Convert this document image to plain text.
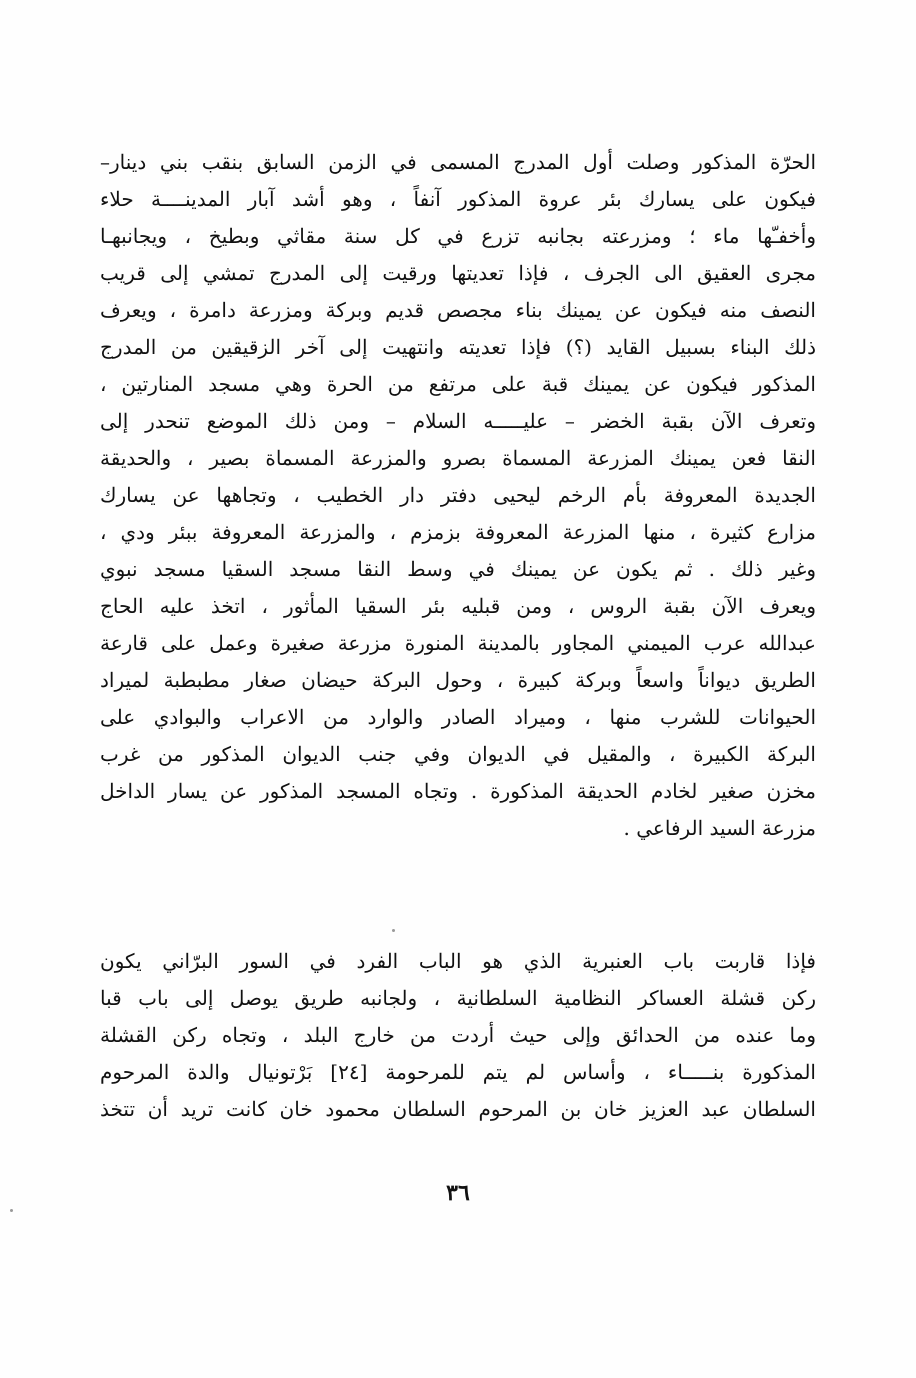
الحرّة المذكور وصلت أول المدرج المسمى في الزمن السابق بنقب بني دينار–
فيكون على يسارك بئر عروة المذكور آنفاً ، وهو أشد آبار المدينــــة حلاء
وأخفـّها ماء ؛ ومزرعته بجانبه تزرع في كل سنة مقاثي وبطيخ ، ويجانبهـا
مجرى العقيق الى الجرف ، فإذا تعديتها ورقيت إلى المدرج تمشي إلى قريب
النصف منه فيكون عن يمينك بناء مجصص قديم وبركة ومزرعة دامرة ، ويعرف
ذلك البناء بسبيل القايد (؟) فإذا تعديته وانتهيت إلى آخر الزقيقين من المدرج
المذكور فيكون عن يمينك قبة على مرتفع من الحرة وهي مسجد المنارتين ،
وتعرف الآن بقبة الخضر – عليـــــه السلام – ومن ذلك الموضع تنحدر إلى
النقا فعن يمينك المزرعة المسماة بصرو والمزرعة المسماة بصير ، والحديقة
الجديدة المعروفة بأم الرخم ليحيى دفتر دار الخطيب ، وتجاهها عن يسارك
مزارع كثيرة ، منها المزرعة المعروفة بزمزم ، والمزرعة المعروفة ببئر ودي ،
وغير ذلك . ثم يكون عن يمينك في وسط النقا مسجد السقيا مسجد نبوي
ويعرف الآن بقبة الروس ، ومن قبليه بئر السقيا المأثور ، اتخذ عليه الحاج
عبدالله عرب الميمني المجاور بالمدينة المنورة مزرعة صغيرة وعمل على قارعة
الطريق ديواناً واسعاً وبركة كبيرة ، وحول البركة حيضان صغار مطبطبة لميراد
الحيوانات للشرب منها ، وميراد الصادر والوارد من الاعراب والبوادي على
البركة الكبيرة ، والمقيل في الديوان وفي جنب الديوان المذكور من غرب
مخزن صغير لخادم الحديقة المذكورة . وتجاه المسجد المذكور عن يسار الداخل
مزرعة السيد الرفاعي .
فإذا قاربت باب العنبرية الذي هو الباب الفرد في السور البرّاني يكون
ركن قشلة العساكر النظامية السلطانية ، ولجانبه طريق يوصل إلى باب قبا
وما عنده من الحدائق وإلى حيث أردت من خارج البلد ، وتجاه ركن القشلة
المذكورة بنـــــاء ، وأساس لم يتم للمرحومة [٢٤] بَرْتونيال والدة المرحوم
السلطان عبد العزيز خان بن المرحوم السلطان محمود خان كانت تريد أن تتخذ
٣٦
